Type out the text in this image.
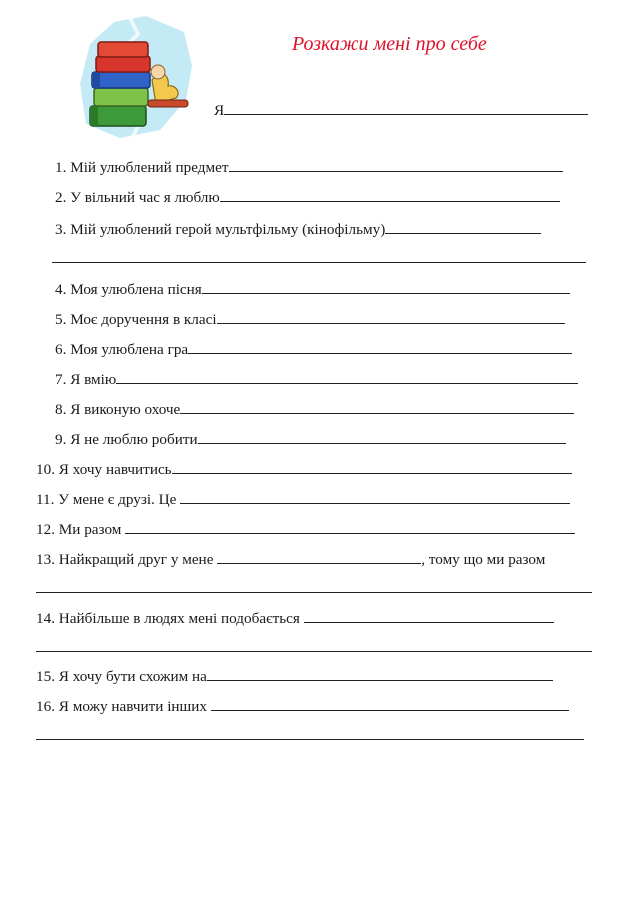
Розкажи мені про себе
Я
1. Мій улюблений предмет
2. У вільний час я люблю
3. Мій улюблений герой мультфільму (кінофільму)
4. Моя улюблена пісня
5. Моє доручення в класі
6. Моя улюблена гра
7. Я вмію
8. Я виконую охоче
9. Я не люблю робити
10. Я хочу навчитись
11. У мене є друзі. Це
12. Ми разом
13. Найкращий друг у мене	, тому що ми разом
14. Найбільше в людях мені подобається
15. Я хочу бути схожим на
16. Я можу навчити інших
